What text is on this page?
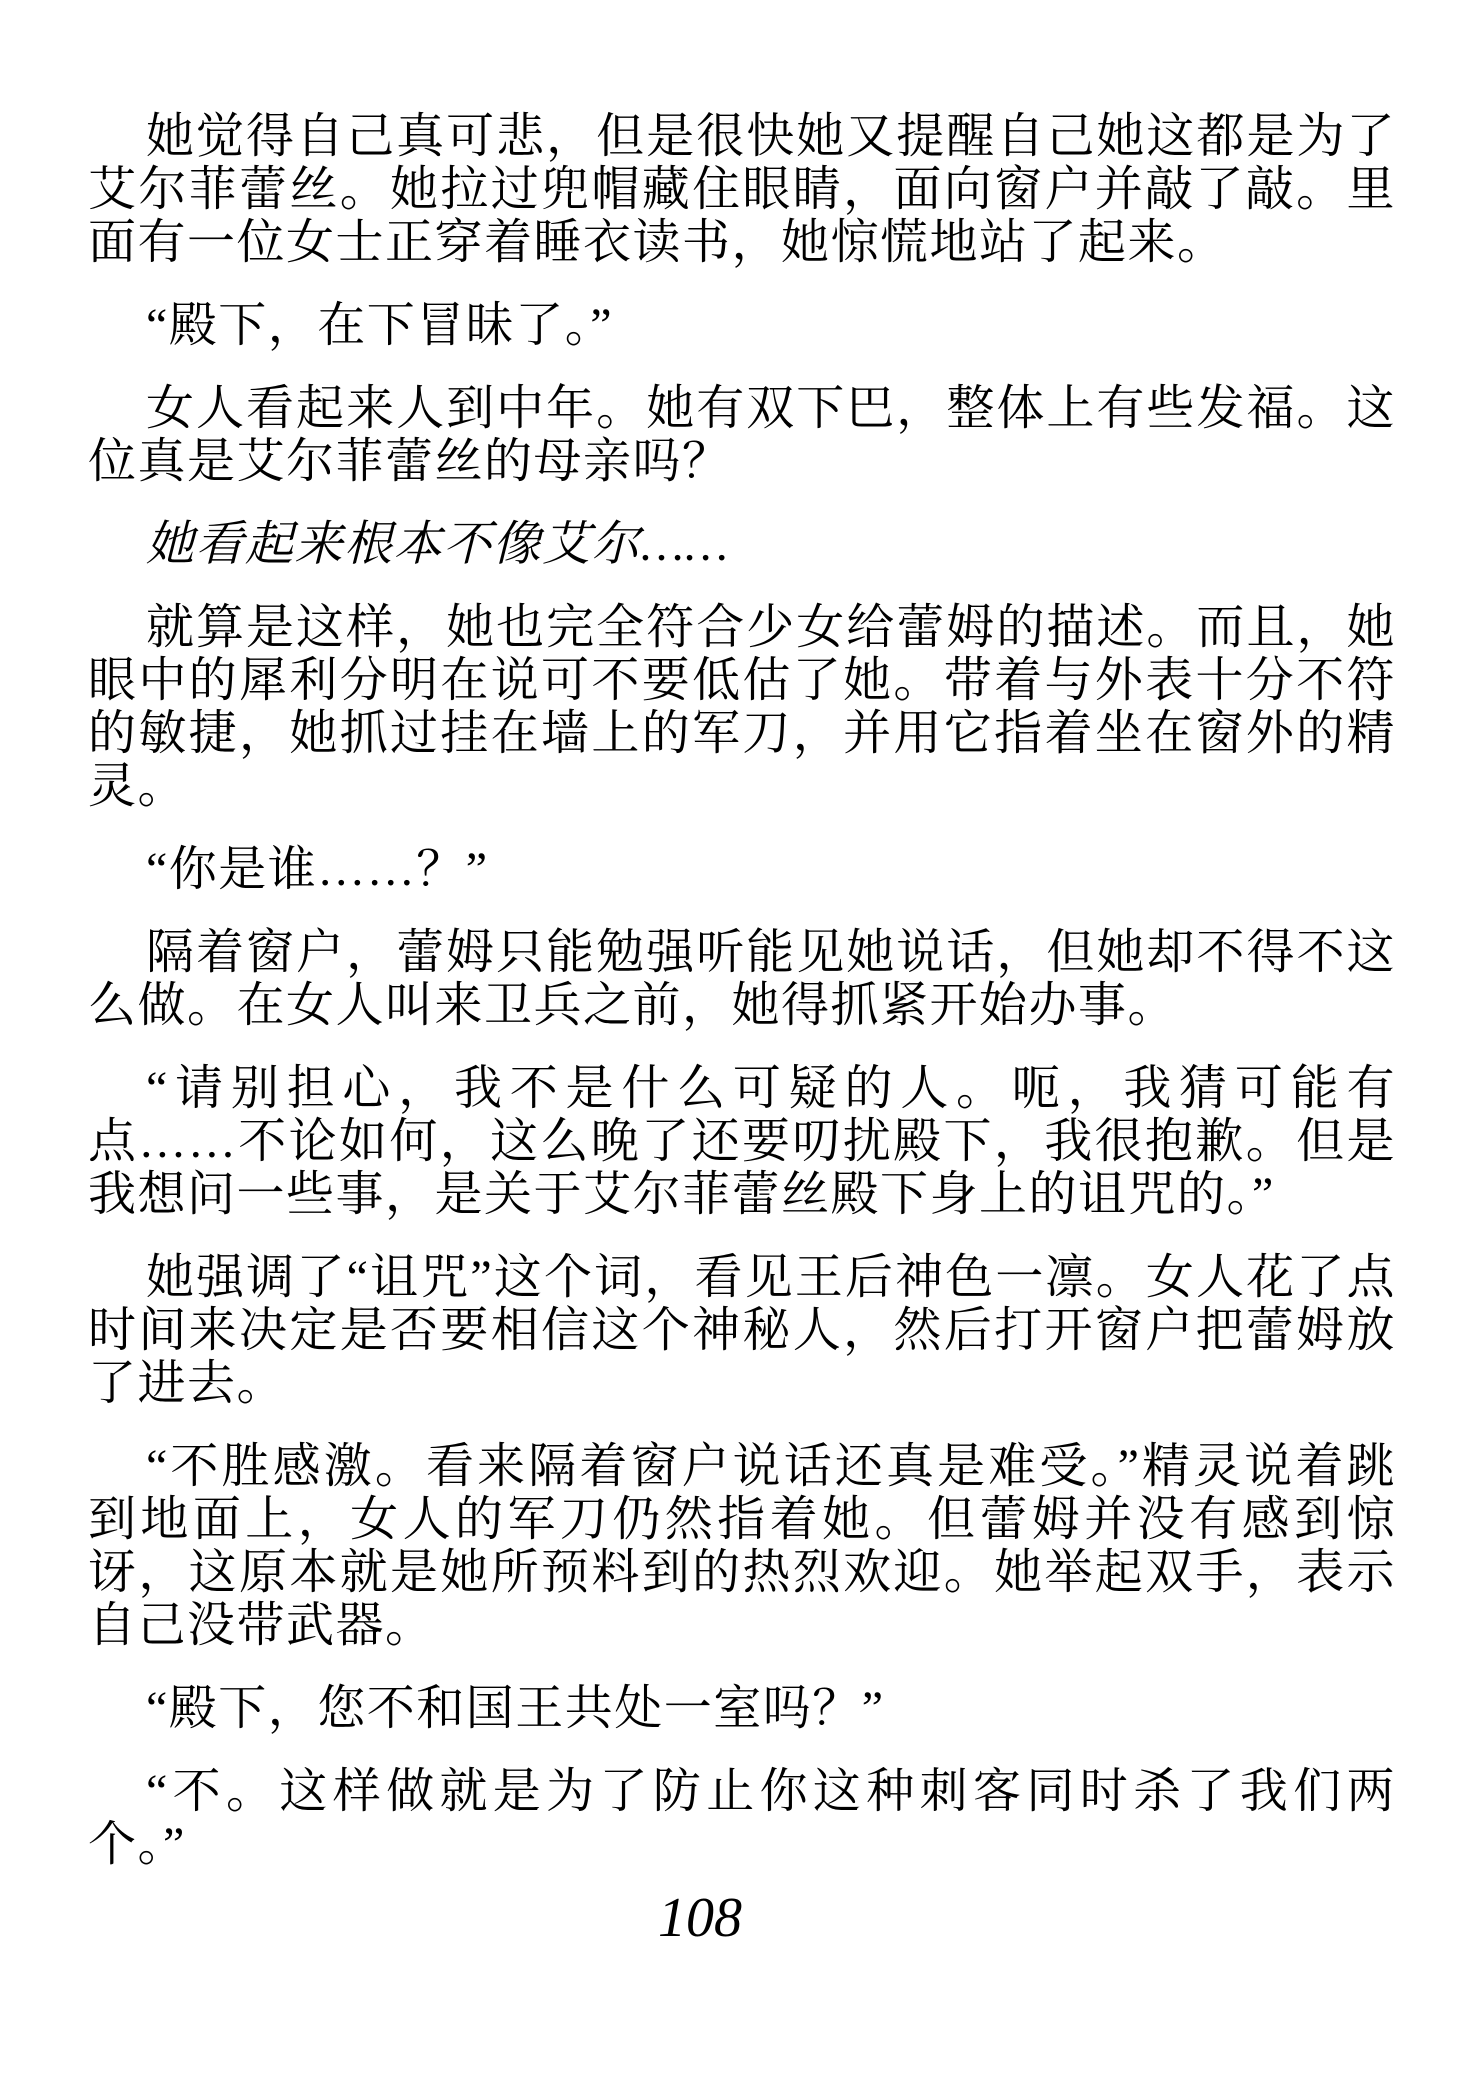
她觉得自己真可悲，但是很快她又提醒自己她这都是为了艾尔菲蕾丝。她拉过兜帽藏住眼睛，面向窗户并敲了敲。里面有一位女士正穿着睡衣读书，她惊慌地站了起来。

“殿下，在下冒昧了。”

女人看起来人到中年。她有双下巴，整体上有些发福。这位真是艾尔菲蕾丝的母亲吗？

她看起来根本不像艾尔……

就算是这样，她也完全符合少女给蕾姆的描述。而且，她眼中的犀利分明在说可不要低估了她。带着与外表十分不符的敏捷，她抓过挂在墙上的军刀，并用它指着坐在窗外的精灵。

“你是谁……？”

隔着窗户，蕾姆只能勉强听能见她说话，但她却不得不这么做。在女人叫来卫兵之前，她得抓紧开始办事。

“请别担心，我不是什么可疑的人。呃，我猜可能有点……不论如何，这么晚了还要叨扰殿下，我很抱歉。但是我想问一些事，是关于艾尔菲蕾丝殿下身上的诅咒的。”

她强调了“诅咒”这个词，看见王后神色一凛。女人花了点时间来决定是否要相信这个神秘人，然后打开窗户把蕾姆放了进去。

“不胜感激。看来隔着窗户说话还真是难受。”精灵说着跳到地面上，女人的军刀仍然指着她。但蕾姆并没有感到惊讶，这原本就是她所预料到的热烈欢迎。她举起双手，表示自己没带武器。

“殿下，您不和国王共处一室吗？”

“不。这样做就是为了防止你这种刺客同时杀了我们两个。”

108
